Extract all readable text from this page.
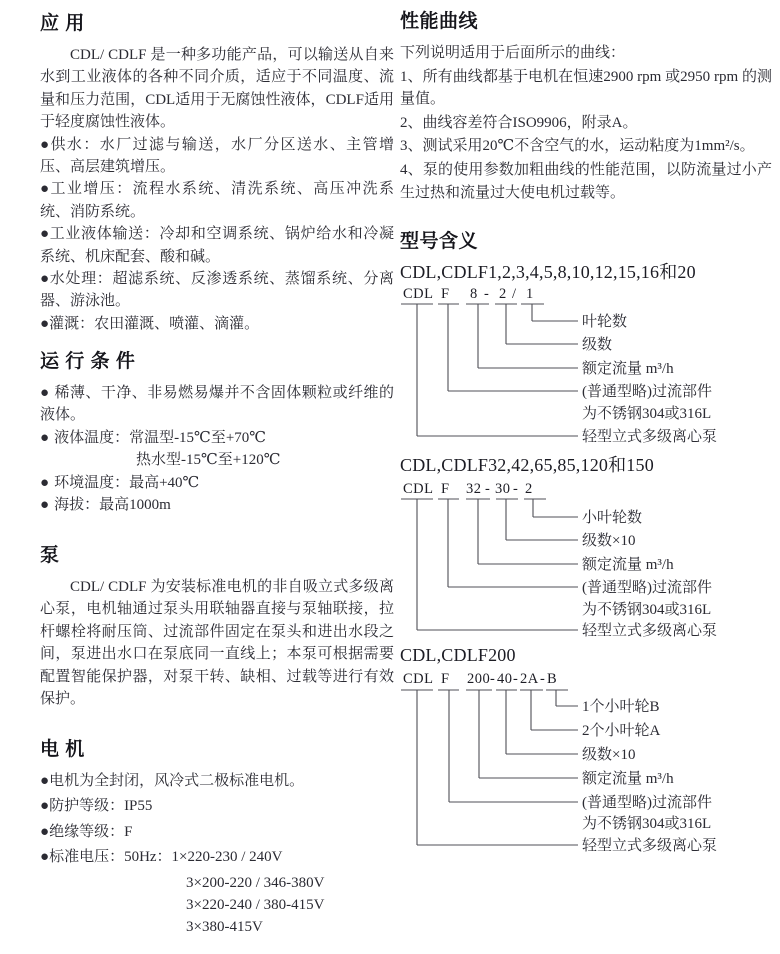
应 用

CDL/ CDLF 是一种多功能产品，可以输送从自来水到工业液体的各种不同介质，适应于不同温度、流量和压力范围，CDL适用于无腐蚀性液体，CDLF适用于轻度腐蚀性液体。

●供水：水厂过滤与输送，水厂分区送水、主管增压、高层建筑增压。

●工业增压：流程水系统、清洗系统、高压冲洗系统、消防系统。

●工业液体输送：冷却和空调系统、锅炉给水和冷凝系统、机床配套、酸和碱。

●水处理：超滤系统、反渗透系统、蒸馏系统、分离器、游泳池。

●灌溉：农田灌溉、喷灌、滴灌。

运 行 条 件

● 稀薄、干净、非易燃易爆并不含固体颗粒或纤维的液体。

● 液体温度：常温型-15℃至+70℃

热水型-15℃至+120℃

● 环境温度：最高+40℃

● 海拔：最高1000m

泵

CDL/ CDLF 为安装标准电机的非自吸立式多级离心泵，电机轴通过泵头用联轴器直接与泵轴联接，拉杆螺栓将耐压筒、过流部件固定在泵头和进出水段之间，泵进出水口在泵底同一直线上；本泵可根据需要配置智能保护器，对泵干转、缺相、过载等进行有效保护。

电 机

●电机为全封闭，风冷式二极标准电机。

●防护等级：IP55

●绝缘等级：F

●标准电压：50Hz：1×220-230 / 240V

3×200-220 / 346-380V
3×220-240 / 380-415V
3×380-415V
性能曲线

下列说明适用于后面所示的曲线：

1、所有曲线都基于电机在恒速2900 rpm 或2950 rpm 的测量值。

2、曲线容差符合ISO9906，附录A。

3、测试采用20℃不含空气的水，运动粘度为1mm²/s。

4、泵的使用参数加粗曲线的性能范围，以防流量过小产生过热和流量过大使电机过载等。

型号含义
CDL,CDLF1,2,3,4,5,8,10,12,15,16和20
CDL F 8 - 2 / 1
叶轮数
级数
额定流量 m³/h
(普通型略)过流部件
为不锈钢304或316L
轻型立式多级离心泵
CDL,CDLF32,42,65,85,120和150
CDL F 32 - 30 - 2
小叶轮数
级数×10
额定流量 m³/h
(普通型略)过流部件
为不锈钢304或316L
轻型立式多级离心泵
CDL,CDLF200
CDL F 200 - 40 - 2A - B
1个小叶轮B
2个小叶轮A
级数×10
额定流量 m³/h
(普通型略)过流部件
为不锈钢304或316L
轻型立式多级离心泵
